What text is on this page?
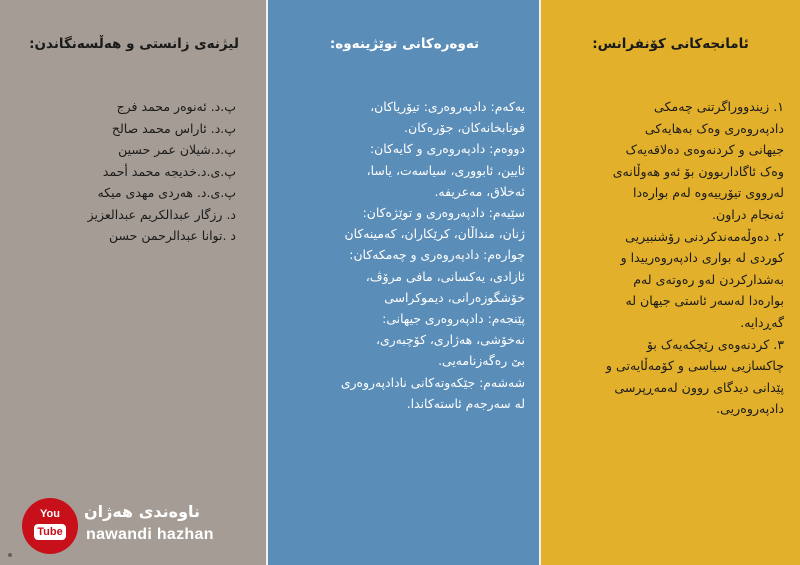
لیژنەی زانستی و هەڵسەنگاندن:
پ.د. ئەنوەر محمد فرج
پ.د. ئاراس محمد صالح
پ.د.شیلان عمر حسین
پ.ی.د.خدیجە محمد أحمد
پ.ی.د. هەردی مهدی میکە
د. رزگار عبدالکریم عبدالعزیز
د .توانا عبدالرحمن حسن
You
Tube
ناوەندی هەژان
nawandi hazhan
تەوەرەکانی توێژینەوە:
یەکەم: دادپەروەری: تیۆریاکان،
قوتابخانەکان، جۆرەکان.
دووەم: دادپەروەری و کایەکان:
ئایین، ئابووری، سیاسەت، یاسا،
ئەخلاق، مەعریفە.
سێیەم: دادپەروەری و توێژەکان:
ژنان، منداڵان، کرێکاران، کەمینەکان
چوارەم: دادپەروەری و چەمکەکان:
ئازادی، یەکسانی، مافی مرۆڤ،
خۆشگوزەرانی، دیموکراسی
پێنجەم: دادپەروەری جیهانی:
نەخۆشی، هەژاری، کۆچبەری،
بێ رەگەزنامەیی.
شەشەم: جێکەوتەکانی نادادپەروەری
لە سەرجەم ئاستەکاندا.
ئامانجەکانی کۆنفرانس:
١. زیندووراگرتنی چەمکی
دادپەروەری وەک بەهایەکی
جیهانی و کردنەوەی دەلاقەیەک
وەک ئاگاداربوون بۆ ئەو هەوڵانەی
لەرووی تیۆرییەوە لەم بوارەدا
ئەنجام دراون.
٢. دەوڵەمەندکردنی رۆشنبیریی
کوردی لە بواری دادپەروەرییدا و
بەشدارکردن لەو رەوتەی لەم
بوارەدا لەسەر ئاستی جیهان لە
گەڕدایە.
٣. کردنەوەی رێچکەیەک بۆ
چاکسازیی سیاسی و کۆمەڵایەتی و
پێدانی دیدگای روون لەمەڕپرسی
دادپەروەریی.
